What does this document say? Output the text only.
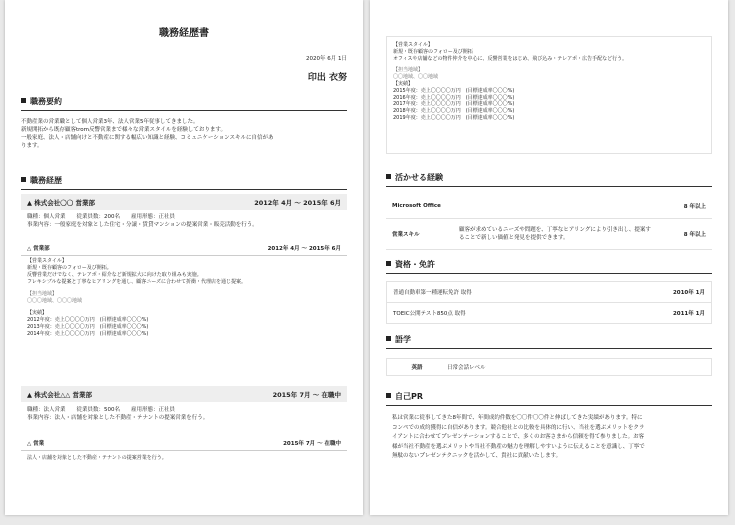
職務経歴書
2020年 6月 1日
印出 衣努
職務要約
不動産業の営業職として個人営業3年、法人営業5年従事してきました。
新規開拓から既存顧客trom反響営業まで様々な営業スタイルを経験しております。
一般家庭、法人・店舗向けと不動産に関する幅広い知識と経験、コミュニケーションスキルに自信があ
ります。
職務経歴
▲ 株式会社〇〇 営業部	2012年 4月 ～ 2015年 6月
職種：個人営業　　従業員数：200名　　雇用形態：正社員
事業内容：一般家庭を対象とした住宅・分譲・賃貸マンションの提案営業・販売活動を行う。
△ 営業部	2012年 4月 ～ 2015年 6月
【営業スタイル】
新規・既存顧客のフォロー及び開拓。
反響営業だけでなく、テレアポ・紹介など新規拡大に向けた取り組みも実施。
フレキシブルな提案と丁寧なヒアリングを通し、顧客ニーズに合わせて折衝・代理店を通じ提案。
【担当地域】
〇〇〇地域、〇〇〇地域
【実績】
2012年度：売上〇〇〇〇万円　(目標達成率〇〇〇%)
2013年度：売上〇〇〇〇万円　(目標達成率〇〇〇%)
2014年度：売上〇〇〇〇万円　(目標達成率〇〇〇%)
▲ 株式会社△△ 営業部	2015年 7月 ～ 在職中
職種：法人営業　　従業員数：500名　　雇用形態：正社員
事業内容：法人・店舗を対象とした不動産・テナントの提案営業を行う。
△ 営業	2015年 7月 ～ 在職中
法人・店舗を対象とした不動産・テナントの提案営業を行う。
【営業スタイル】
新規・既存顧客のフォロー及び開拓
オフィスや店舗などの物件仲介を中心に、反響営業をはじめ、飛び込み・テレアポ・広告手配など行う。
【担当地域】
〇〇地域、〇〇地域
【実績】
2015年度：売上〇〇〇〇万円　(目標達成率〇〇〇%)
2016年度：売上〇〇〇〇万円　(目標達成率〇〇〇%)
2017年度：売上〇〇〇〇万円　(目標達成率〇〇〇%)
2018年度：売上〇〇〇〇万円　(目標達成率〇〇〇%)
2019年度：売上〇〇〇〇万円　(目標達成率〇〇〇%)
活かせる経験
Microsoft Office		8 年以上
営業スキル	顧客が求めているニーズや問題を、丁寧なヒアリングにより引き出し、提案することで新しい価値と発見を提供できます。	8 年以上
資格・免許
普通自動車第一種運転免許 取得	2010年 1月
TOEIC公開テスト850点 取得	2011年 1月
語学
英語	日常会話レベル
自己PR
私は営業に従事してきた8年間で、年間成約件数を〇〇件〇〇件と伸ばしてきた実績があります。特に
コンペでの成約獲得に自信があります。競合他社との比較を具体的に行い、当社を選ぶメリットをクラ
イアントに合わせてプレゼンテーションすることで、多くのお客さまから信頼を得て参りました。お客
様が当社不動産を選ぶメリットや当社不動産の魅力を理解しやすいように伝えることを意識し、丁寧で
無駄のないプレゼンテクニックを活かして、貴社に貢献いたします。
